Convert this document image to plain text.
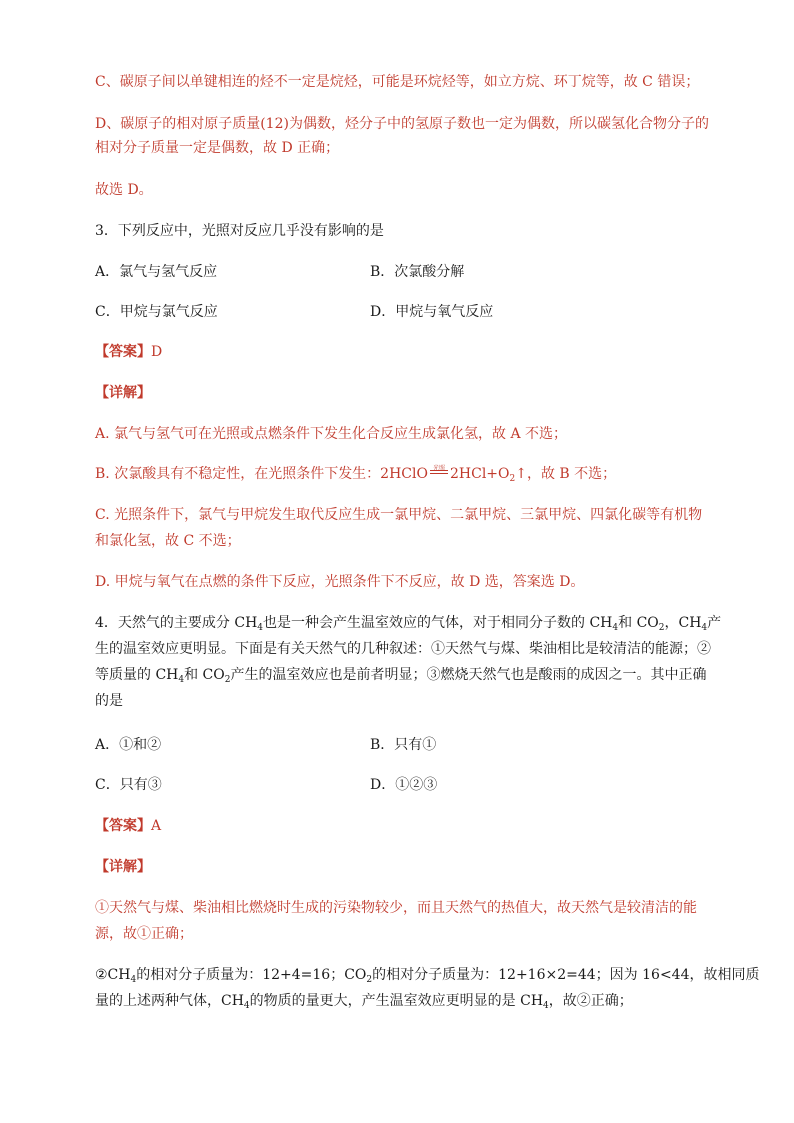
C、碳原子间以单键相连的烃不一定是烷烃，可能是环烷烃等，如立方烷、环丁烷等，故 C 错误；
D、碳原子的相对原子质量(12)为偶数，烃分子中的氢原子数也一定为偶数，所以碳氢化合物分子的
相对分子质量一定是偶数，故 D 正确；
故选 D。
3．下列反应中，光照对反应几乎没有影响的是
A．氯气与氢气反应	B．次氯酸分解
C．甲烷与氯气反应	D．甲烷与氧气反应
【答案】D
【详解】
A. 氯气与氢气可在光照或点燃条件下发生化合反应生成氯化氢，故 A 不选；
B. 次氯酸具有不稳定性，在光照条件下发生：2HClO 光照 $2HCl+O_2↑$，故 B 不选；
C. 光照条件下，氯气与甲烷发生取代反应生成一氯甲烷、二氯甲烷、三氯甲烷、四氯化碳等有机物
和氯化氢，故 C 不选；
D. 甲烷与氧气在点燃的条件下反应，光照条件下不反应，故 D 选，答案选 D。
4．天然气的主要成分 $CH_4$也是一种会产生温室效应的气体，对于相同分子数的 $CH_4$和 $CO_2$，$CH_4$产
生的温室效应更明显。下面是有关天然气的几种叙述：①天然气与煤、柴油相比是较清洁的能源；②
等质量的 $CH_4$和 $CO_2$产生的温室效应也是前者明显；③燃烧天然气也是酸雨的成因之一。其中正确
的是
A．①和②	B．只有①
C．只有③	D．①②③
【答案】A
【详解】
①天然气与煤、柴油相比燃烧时生成的污染物较少，而且天然气的热值大，故天然气是较清洁的能
源，故①正确；
$②CH_4$的相对分子质量为：12+4=16；$CO_2$的相对分子质量为：12+16×2=44；因为 16<44，故相同质
量的上述两种气体，$CH_4$的物质的量更大，产生温室效应更明显的是 $CH_4$，故②正确；
